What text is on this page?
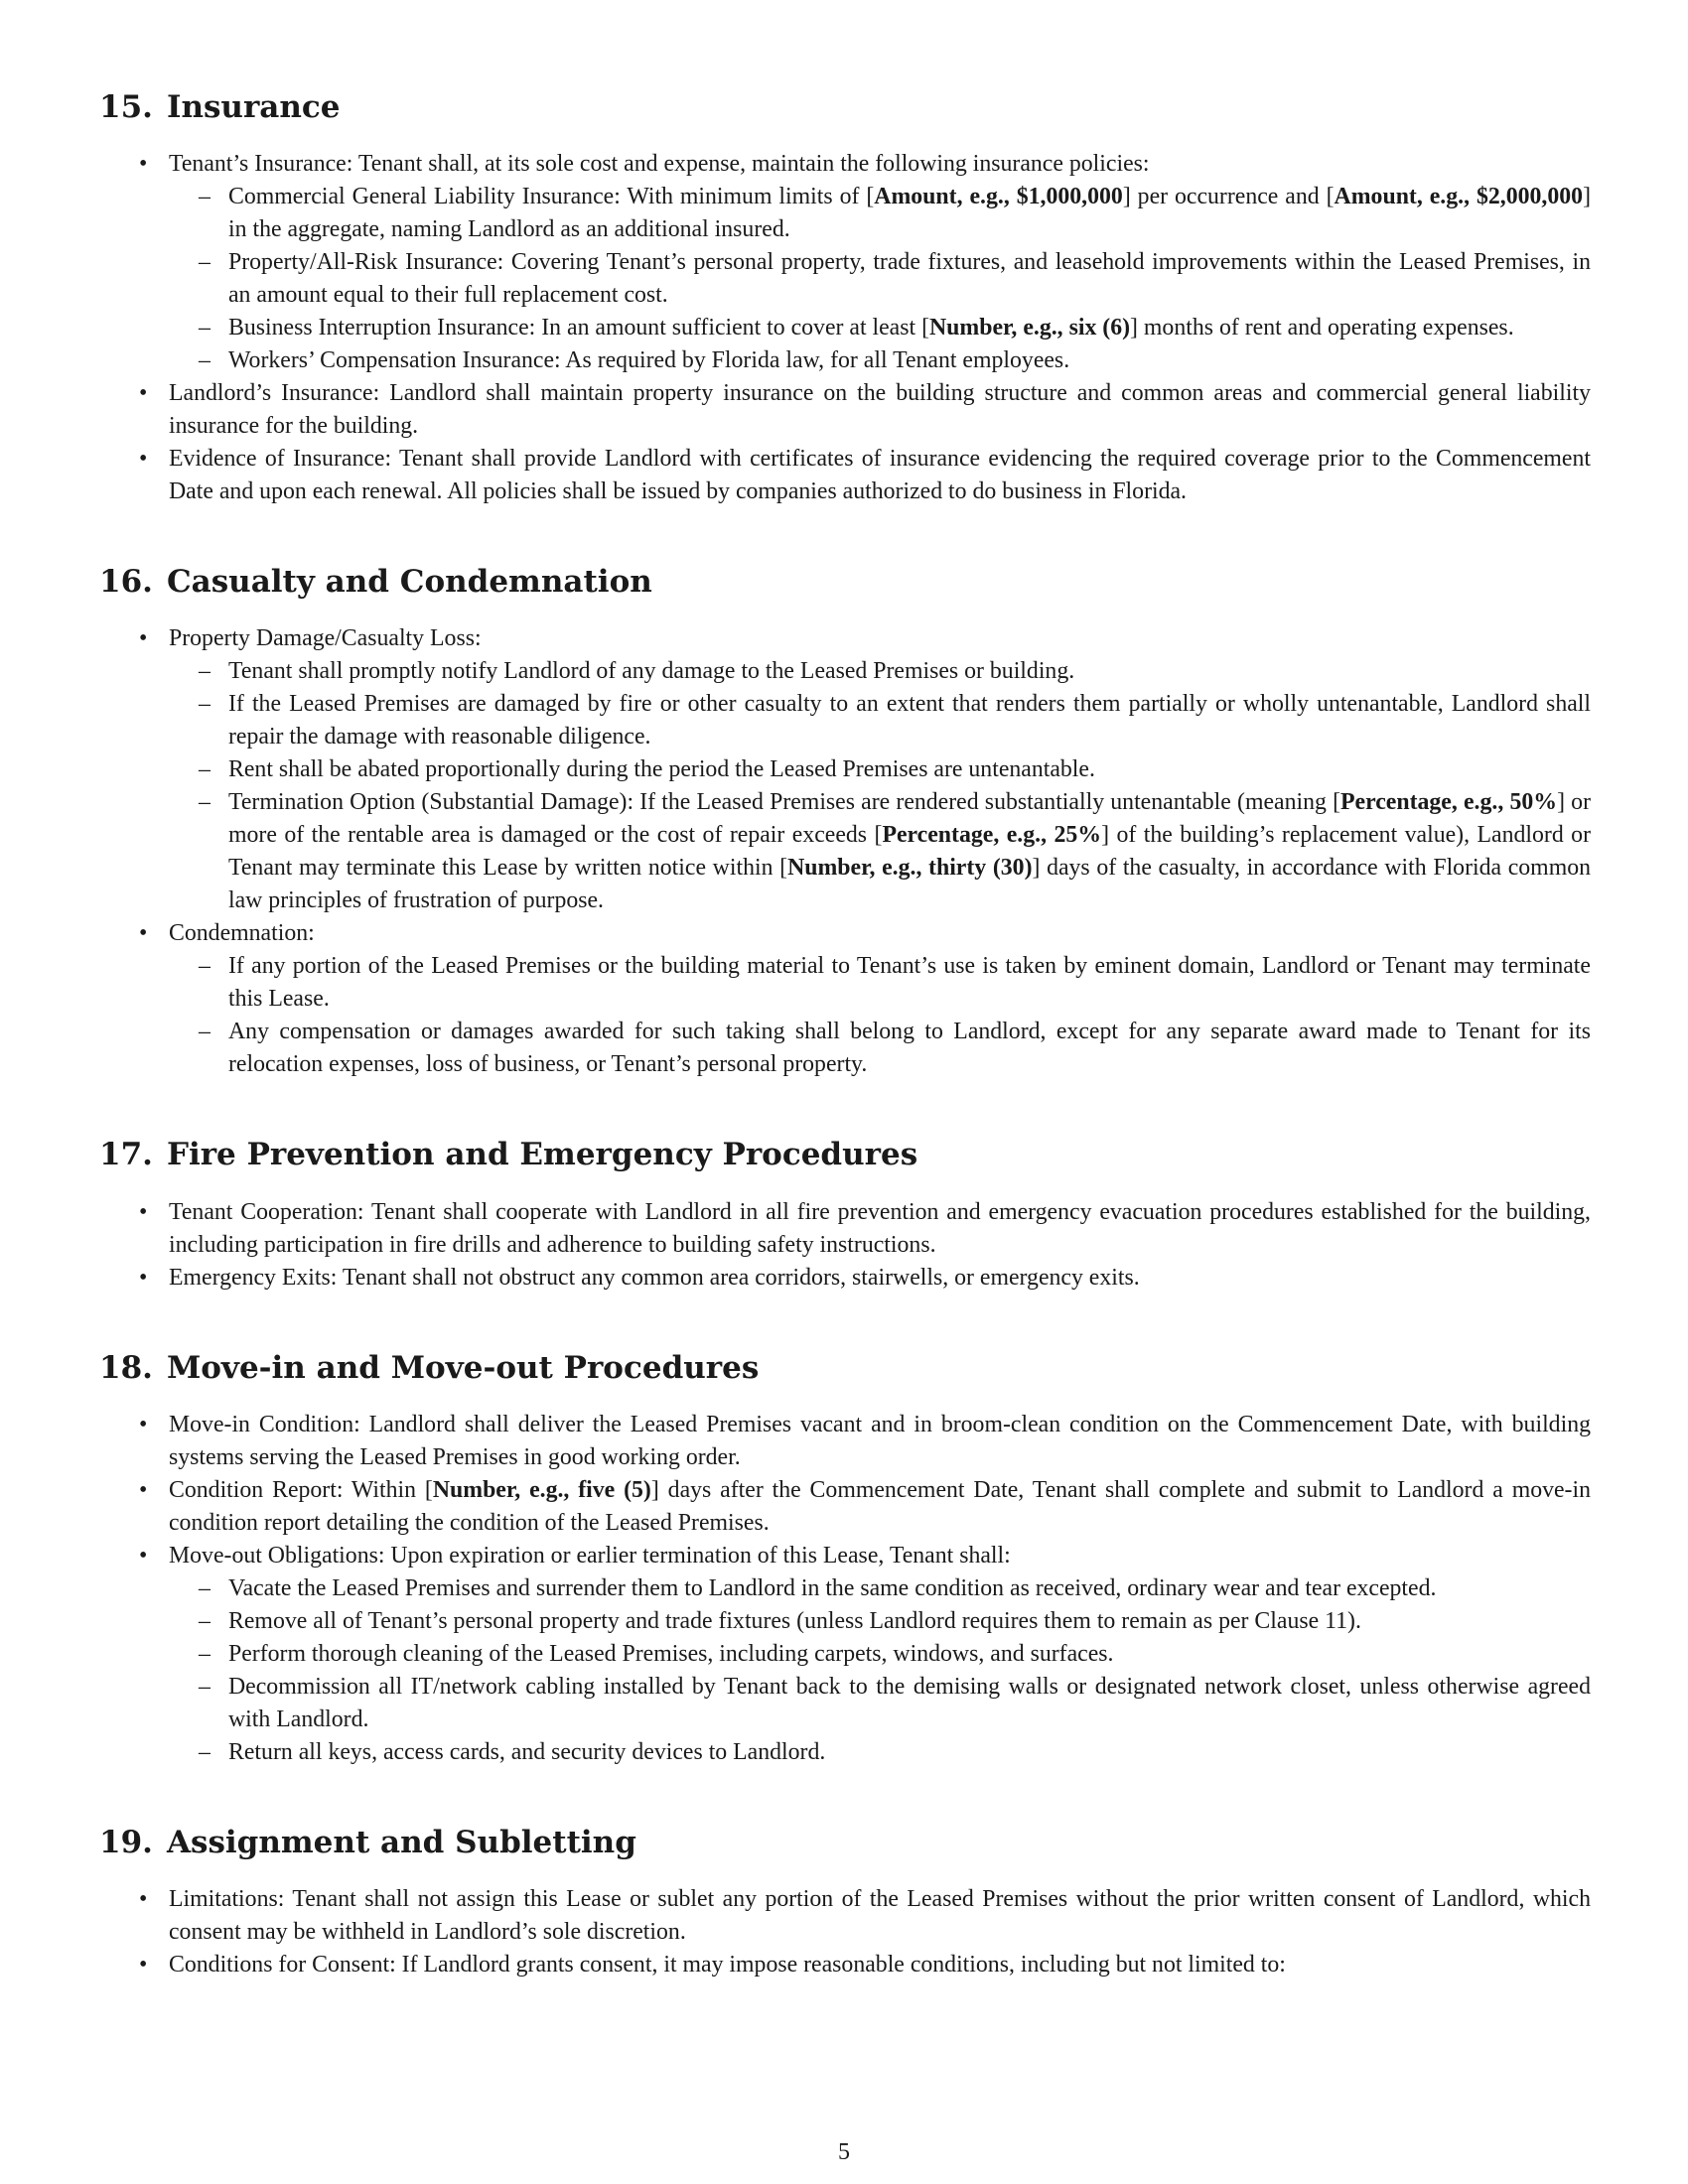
15. Insurance
• Tenant’s Insurance: Tenant shall, at its sole cost and expense, maintain the following insurance policies:
– Commercial General Liability Insurance: With minimum limits of [Amount, e.g., $1,000,000] per occurrence and [Amount, e.g., $2,000,000] in the aggregate, naming Landlord as an additional insured.
– Property/All-Risk Insurance: Covering Tenant’s personal property, trade fixtures, and leasehold improvements within the Leased Premises, in an amount equal to their full replacement cost.
– Business Interruption Insurance: In an amount sufficient to cover at least [Number, e.g., six (6)] months of rent and operating expenses.
– Workers’ Compensation Insurance: As required by Florida law, for all Tenant employees.
• Landlord’s Insurance: Landlord shall maintain property insurance on the building structure and common areas and commercial general liability insurance for the building.
• Evidence of Insurance: Tenant shall provide Landlord with certificates of insurance evidencing the required coverage prior to the Commencement Date and upon each renewal. All policies shall be issued by companies authorized to do business in Florida.
16. Casualty and Condemnation
• Property Damage/Casualty Loss:
– Tenant shall promptly notify Landlord of any damage to the Leased Premises or building.
– If the Leased Premises are damaged by fire or other casualty to an extent that renders them partially or wholly untenantable, Landlord shall repair the damage with reasonable diligence.
– Rent shall be abated proportionally during the period the Leased Premises are untenantable.
– Termination Option (Substantial Damage): If the Leased Premises are rendered substantially untenantable (meaning [Percentage, e.g., 50%] or more of the rentable area is damaged or the cost of repair exceeds [Percentage, e.g., 25%] of the building’s replacement value), Landlord or Tenant may terminate this Lease by written notice within [Number, e.g., thirty (30)] days of the casualty, in accordance with Florida common law principles of frustration of purpose.
• Condemnation:
– If any portion of the Leased Premises or the building material to Tenant’s use is taken by eminent domain, Landlord or Tenant may terminate this Lease.
– Any compensation or damages awarded for such taking shall belong to Landlord, except for any separate award made to Tenant for its relocation expenses, loss of business, or Tenant’s personal property.
17. Fire Prevention and Emergency Procedures
• Tenant Cooperation: Tenant shall cooperate with Landlord in all fire prevention and emergency evacuation procedures established for the building, including participation in fire drills and adherence to building safety instructions.
• Emergency Exits: Tenant shall not obstruct any common area corridors, stairwells, or emergency exits.
18. Move-in and Move-out Procedures
• Move-in Condition: Landlord shall deliver the Leased Premises vacant and in broom-clean condition on the Commencement Date, with building systems serving the Leased Premises in good working order.
• Condition Report: Within [Number, e.g., five (5)] days after the Commencement Date, Tenant shall complete and submit to Landlord a move-in condition report detailing the condition of the Leased Premises.
• Move-out Obligations: Upon expiration or earlier termination of this Lease, Tenant shall:
– Vacate the Leased Premises and surrender them to Landlord in the same condition as received, ordinary wear and tear excepted.
– Remove all of Tenant’s personal property and trade fixtures (unless Landlord requires them to remain as per Clause 11).
– Perform thorough cleaning of the Leased Premises, including carpets, windows, and surfaces.
– Decommission all IT/network cabling installed by Tenant back to the demising walls or designated network closet, unless otherwise agreed with Landlord.
– Return all keys, access cards, and security devices to Landlord.
19. Assignment and Subletting
• Limitations: Tenant shall not assign this Lease or sublet any portion of the Leased Premises without the prior written consent of Landlord, which consent may be withheld in Landlord’s sole discretion.
• Conditions for Consent: If Landlord grants consent, it may impose reasonable conditions, including but not limited to:
5
